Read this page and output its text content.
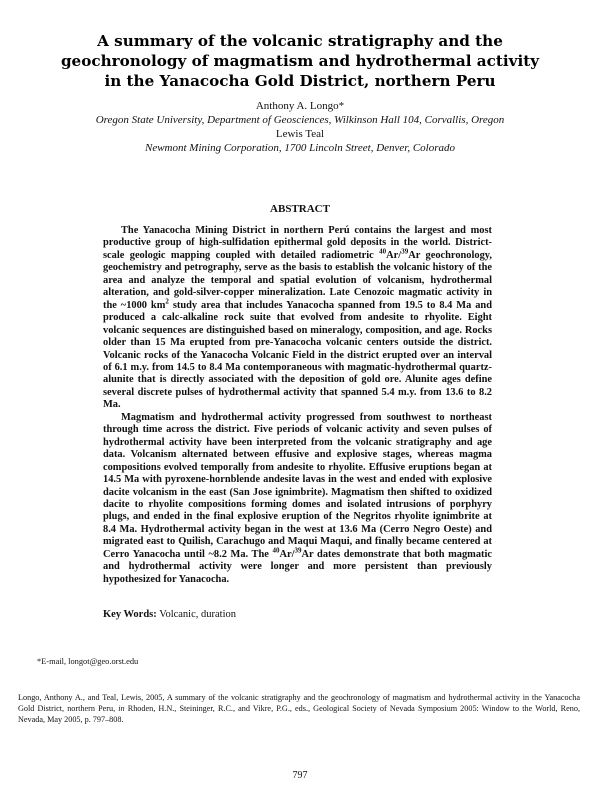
A summary of the volcanic stratigraphy and the
geochronology of magmatism and hydrothermal activity
in the Yanacocha Gold District, northern Peru
Anthony A. Longo*
Oregon State University, Department of Geosciences, Wilkinson Hall 104, Corvallis, Oregon
Lewis Teal
Newmont Mining Corporation, 1700 Lincoln Street, Denver, Colorado
ABSTRACT

The Yanacocha Mining District in northern Perú contains the largest and most productive group of high-sulfidation epithermal gold deposits in the world. District-scale geologic mapping coupled with detailed radiometric $^{40}$Ar/$^{39}$Ar geochronology, geochemistry and petrography, serve as the basis to establish the volcanic history of the area and analyze the temporal and spatial evolution of volcanism, hydrothermal alteration, and gold-silver-copper mineralization. Late Cenozoic magmatic activity in the ~1000 $km^2$ study area that includes Yanacocha spanned from 19.5 to 8.4 Ma and produced a calc-alkaline rock suite that evolved from andesite to rhyolite. Eight volcanic sequences are distinguished based on mineralogy, composition, and age. Rocks older than 15 Ma erupted from pre-Yanacocha volcanic centers outside the district. Volcanic rocks of the Yanacocha Volcanic Field in the district erupted over an interval of 6.1 m.y. from 14.5 to 8.4 Ma contemporaneous with magmatic-hydrothermal quartz-alunite that is directly associated with the deposition of gold ore. Alunite ages define several discrete pulses of hydrothermal activity that spanned 5.4 m.y. from 13.6 to 8.2 Ma.

Magmatism and hydrothermal activity progressed from southwest to northeast through time across the district. Five periods of volcanic activity and seven pulses of hydrothermal activity have been interpreted from the volcanic stratigraphy and age data. Volcanism alternated between effusive and explosive stages, whereas magma compositions evolved temporally from andesite to rhyolite. Effusive eruptions began at 14.5 Ma with pyroxene-hornblende andesite lavas in the west and ended with explosive dacite volcanism in the east (San Jose ignimbrite). Magmatism then shifted to oxidized dacite to rhyolite compositions forming domes and isolated intrusions of porphyry plugs, and ended in the final explosive eruption of the Negritos rhyolite ignimbrite at 8.4 Ma. Hydrothermal activity began in the west at 13.6 Ma (Cerro Negro Oeste) and migrated east to Quilish, Carachugo and Maqui Maqui, and finally became centered at Cerro Yanacocha until ~8.2 Ma. The $^{40}$Ar/$^{39}$Ar dates demonstrate that both magmatic and hydrothermal activity were longer and more persistent than previously hypothesized for Yanacocha.

Key Words: Volcanic, duration
*E-mail, longot@geo.orst.edu
Longo, Anthony A., and Teal, Lewis, 2005, A summary of the volcanic stratigraphy and the geochronology of magmatism and hydrothermal activity in the Yanacocha Gold District, northern Peru, in Rhoden, H.N., Steininger, R.C., and Vikre, P.G., eds., Geological Society of Nevada Symposium 2005: Window to the World, Reno, Nevada, May 2005, p. 797–808.
797
